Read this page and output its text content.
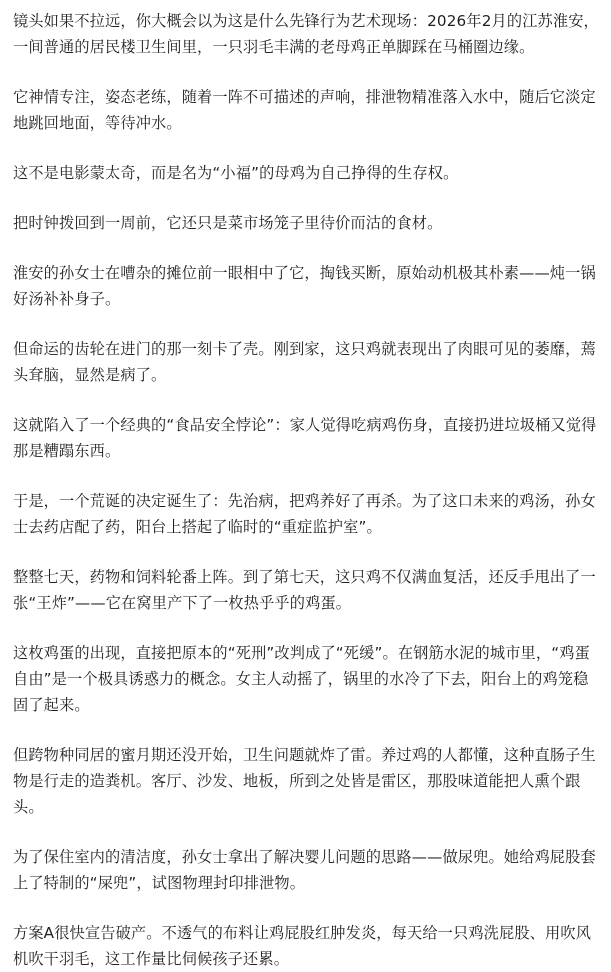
镜头如果不拉远，你大概会以为这是什么先锋行为艺术现场：2026年2月的江苏淮安，一间普通的居民楼卫生间里，一只羽毛丰满的老母鸡正单脚踩在马桶圈边缘。

它神情专注，姿态老练，随着一阵不可描述的声响，排泄物精准落入水中，随后它淡定地跳回地面，等待冲水。

这不是电影蒙太奇，而是名为“小福”的母鸡为自己挣得的生存权。

把时钟拨回到一周前，它还只是菜市场笼子里待价而沽的食材。

淮安的孙女士在嘈杂的摊位前一眼相中了它，掏钱买断，原始动机极其朴素——炖一锅好汤补补身子。

但命运的齿轮在进门的那一刻卡了壳。刚到家，这只鸡就表现出了肉眼可见的萎靡，蔫头耷脑，显然是病了。

这就陷入了一个经典的“食品安全悖论”：家人觉得吃病鸡伤身，直接扔进垃圾桶又觉得那是糟蹋东西。

于是，一个荒诞的决定诞生了：先治病，把鸡养好了再杀。为了这口未来的鸡汤，孙女士去药店配了药，阳台上搭起了临时的“重症监护室”。

整整七天，药物和饲料轮番上阵。到了第七天，这只鸡不仅满血复活，还反手甩出了一张“王炸”——它在窝里产下了一枚热乎乎的鸡蛋。

这枚鸡蛋的出现，直接把原本的“死刑”改判成了“死缓”。在钢筋水泥的城市里，“鸡蛋自由”是一个极具诱惑力的概念。女主人动摇了，锅里的水冷了下去，阳台上的鸡笼稳固了起来。

但跨物种同居的蜜月期还没开始，卫生问题就炸了雷。养过鸡的人都懂，这种直肠子生物是行走的造粪机。客厅、沙发、地板，所到之处皆是雷区，那股味道能把人熏个跟头。

为了保住室内的清洁度，孙女士拿出了解决婴儿问题的思路——做尿兜。她给鸡屁股套上了特制的“屎兜”，试图物理封印排泄物。

方案A很快宣告破产。不透气的布料让鸡屁股红肿发炎，每天给一只鸡洗屁股、用吹风机吹干羽毛，这工作量比伺候孩子还累。
